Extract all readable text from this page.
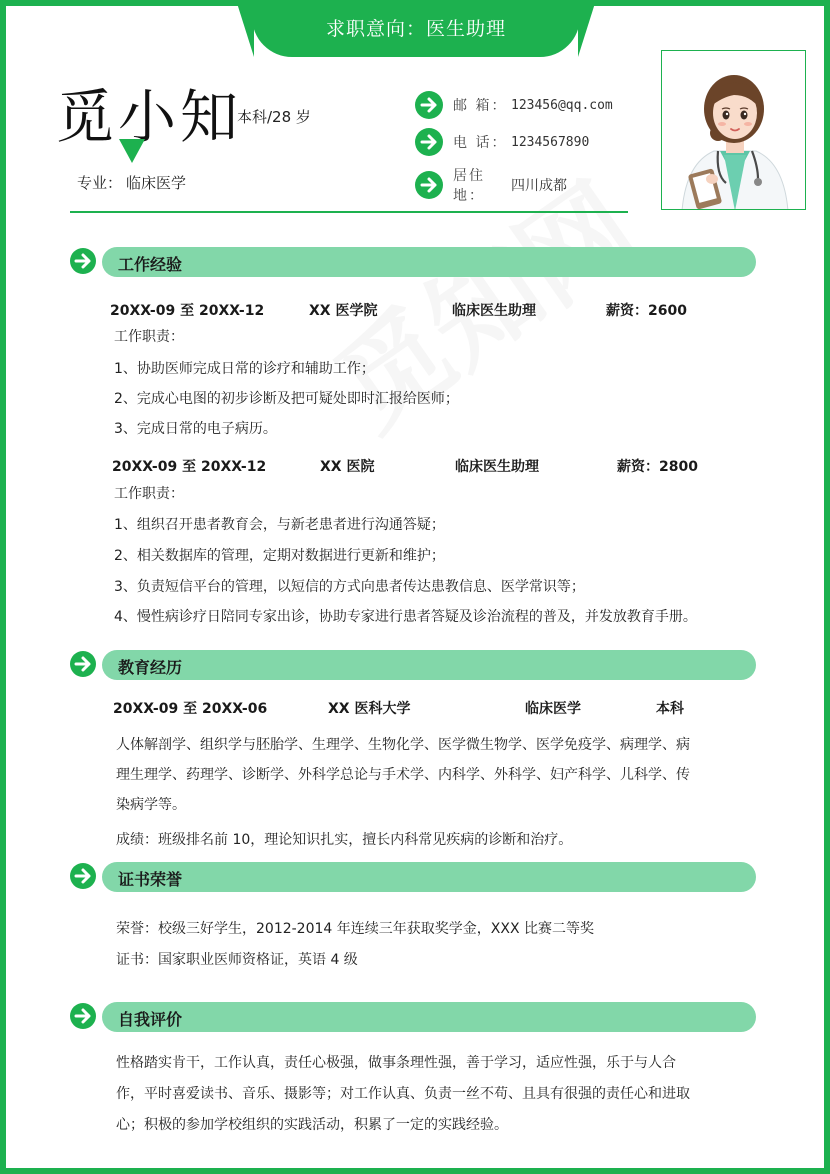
求职意向：医生助理
觅小知
本科/28 岁
专业： 临床医学
邮 箱： 123456@qq.com
电 话： 1234567890
居住地：
四川成都
工作经验
20XX-09 至 20XX-12	XX 医学院	临床医生助理	薪资：2600
工作职责：
1、协助医师完成日常的诊疗和辅助工作；
2、完成心电图的初步诊断及把可疑处即时汇报给医师；
3、完成日常的电子病历。
20XX-09 至 20XX-12	XX 医院	临床医生助理	薪资：2800
工作职责：
1、组织召开患者教育会，与新老患者进行沟通答疑；
2、相关数据库的管理，定期对数据进行更新和维护；
3、负责短信平台的管理，以短信的方式向患者传达患教信息、医学常识等；
4、慢性病诊疗日陪同专家出诊，协助专家进行患者答疑及诊治流程的普及，并发放教育手册。
教育经历
20XX-09 至 20XX-06	XX 医科大学	临床医学	本科
人体解剖学、组织学与胚胎学、生理学、生物化学、医学微生物学、医学免疫学、病理学、病
理生理学、药理学、诊断学、外科学总论与手术学、内科学、外科学、妇产科学、儿科学、传
染病学等。
成绩：班级排名前 10，理论知识扎实，擅长内科常见疾病的诊断和治疗。
证书荣誉
荣誉：校级三好学生，2012-2014 年连续三年获取奖学金，XXX 比赛二等奖
证书：国家职业医师资格证，英语 4 级
自我评价
性格踏实肯干，工作认真，责任心极强，做事条理性强，善于学习，适应性强，乐于与人合
作，平时喜爱读书、音乐、摄影等；对工作认真、负责一丝不苟、且具有很强的责任心和进取
心；积极的参加学校组织的实践活动，积累了一定的实践经验。
